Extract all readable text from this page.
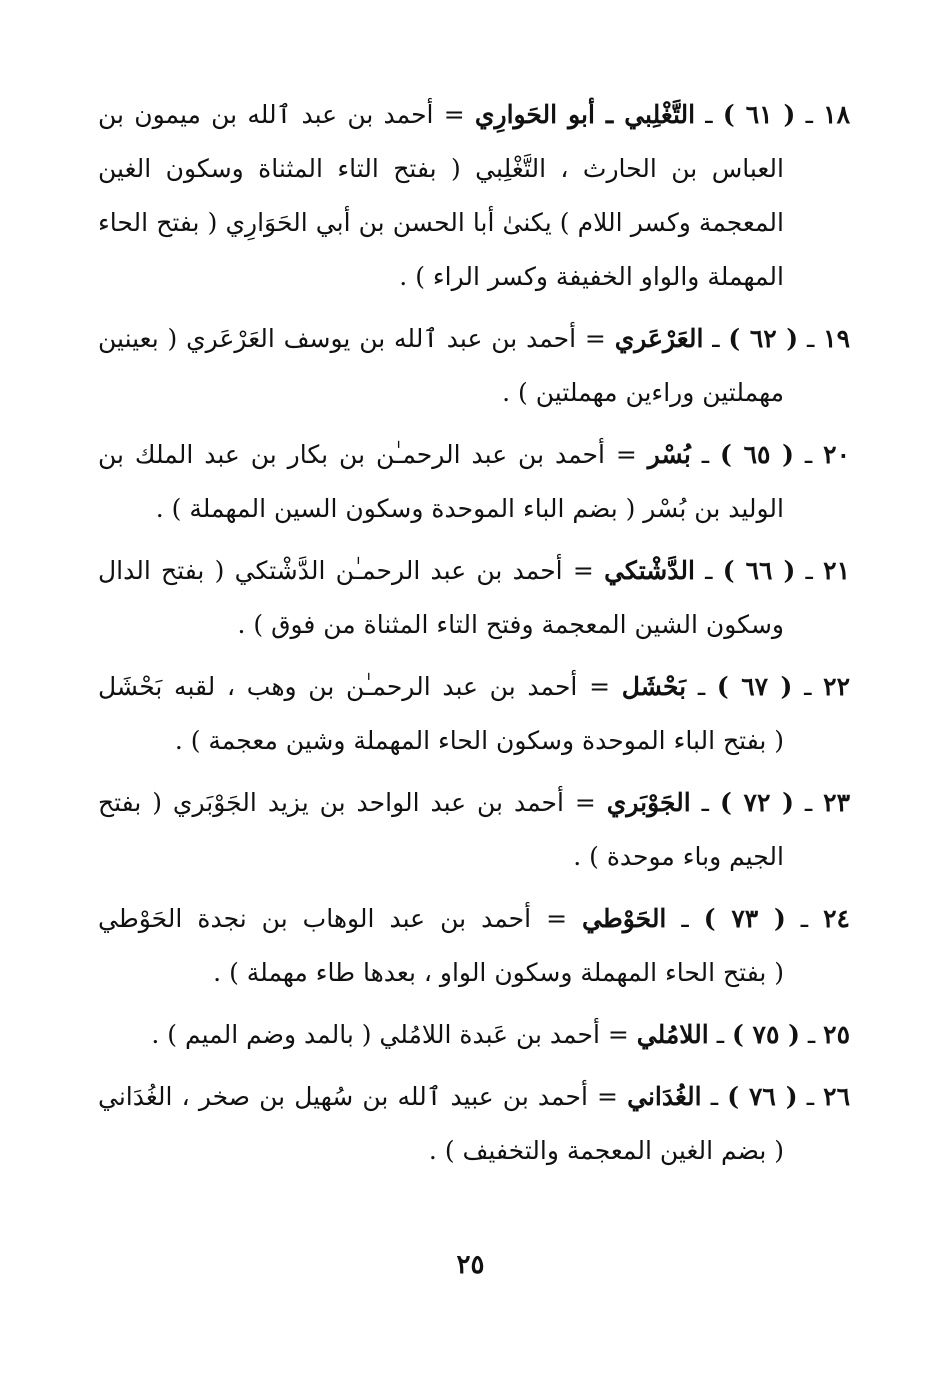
١٨ ـ ( ٦١ ) ـ التَّغْلِبي ـ أبو الحَوارِي = أحمد بن عبد ٱلله بن ميمون بن
العباس بن الحارث ، التَّغْلِبي ( بفتح التاء المثناة وسكون الغين المعجمة وكسر اللام ) يكنىٰ أبا الحسن بن أبي الحَوَارِي ( بفتح الحاء المهملة والواو الخفيفة وكسر الراء ) .
١٩ ـ ( ٦٢ ) ـ العَرْعَري = أحمد بن عبد ٱلله بن يوسف العَرْعَري ( بعينين
مهملتين وراءين مهملتين ) .
٢٠ ـ ( ٦٥ ) ـ بُسْر = أحمد بن عبد الرحمـٰن بن بكار بن عبد الملك بن
الوليد بن بُسْر ( بضم الباء الموحدة وسكون السين المهملة ) .
٢١ ـ ( ٦٦ ) ـ الدَّشْتكي = أحمد بن عبد الرحمـٰن الدَّشْتكي ( بفتح الدال
وسكون الشين المعجمة وفتح التاء المثناة من فوق ) .
٢٢ ـ ( ٦٧ ) ـ بَحْشَل = أحمد بن عبد الرحمـٰن بن وهب ، لقبه بَحْشَل
( بفتح الباء الموحدة وسكون الحاء المهملة وشين معجمة ) .
٢٣ ـ ( ٧٢ ) ـ الجَوْبَري = أحمد بن عبد الواحد بن يزيد الجَوْبَري ( بفتح
الجيم وباء موحدة ) .
٢٤ ـ ( ٧٣ ) ـ الحَوْطي = أحمد بن عبد الوهاب بن نجدة الحَوْطي
( بفتح الحاء المهملة وسكون الواو ، بعدها طاء مهملة ) .
٢٥ ـ ( ٧٥ ) ـ اللامُلي = أحمد بن عَبدة اللامُلي ( بالمد وضم الميم ) .
٢٦ ـ ( ٧٦ ) ـ الغُدَاني = أحمد بن عبيد ٱلله بن سُهيل بن صخر ، الغُدَاني
( بضم الغين المعجمة والتخفيف ) .
٢٥
